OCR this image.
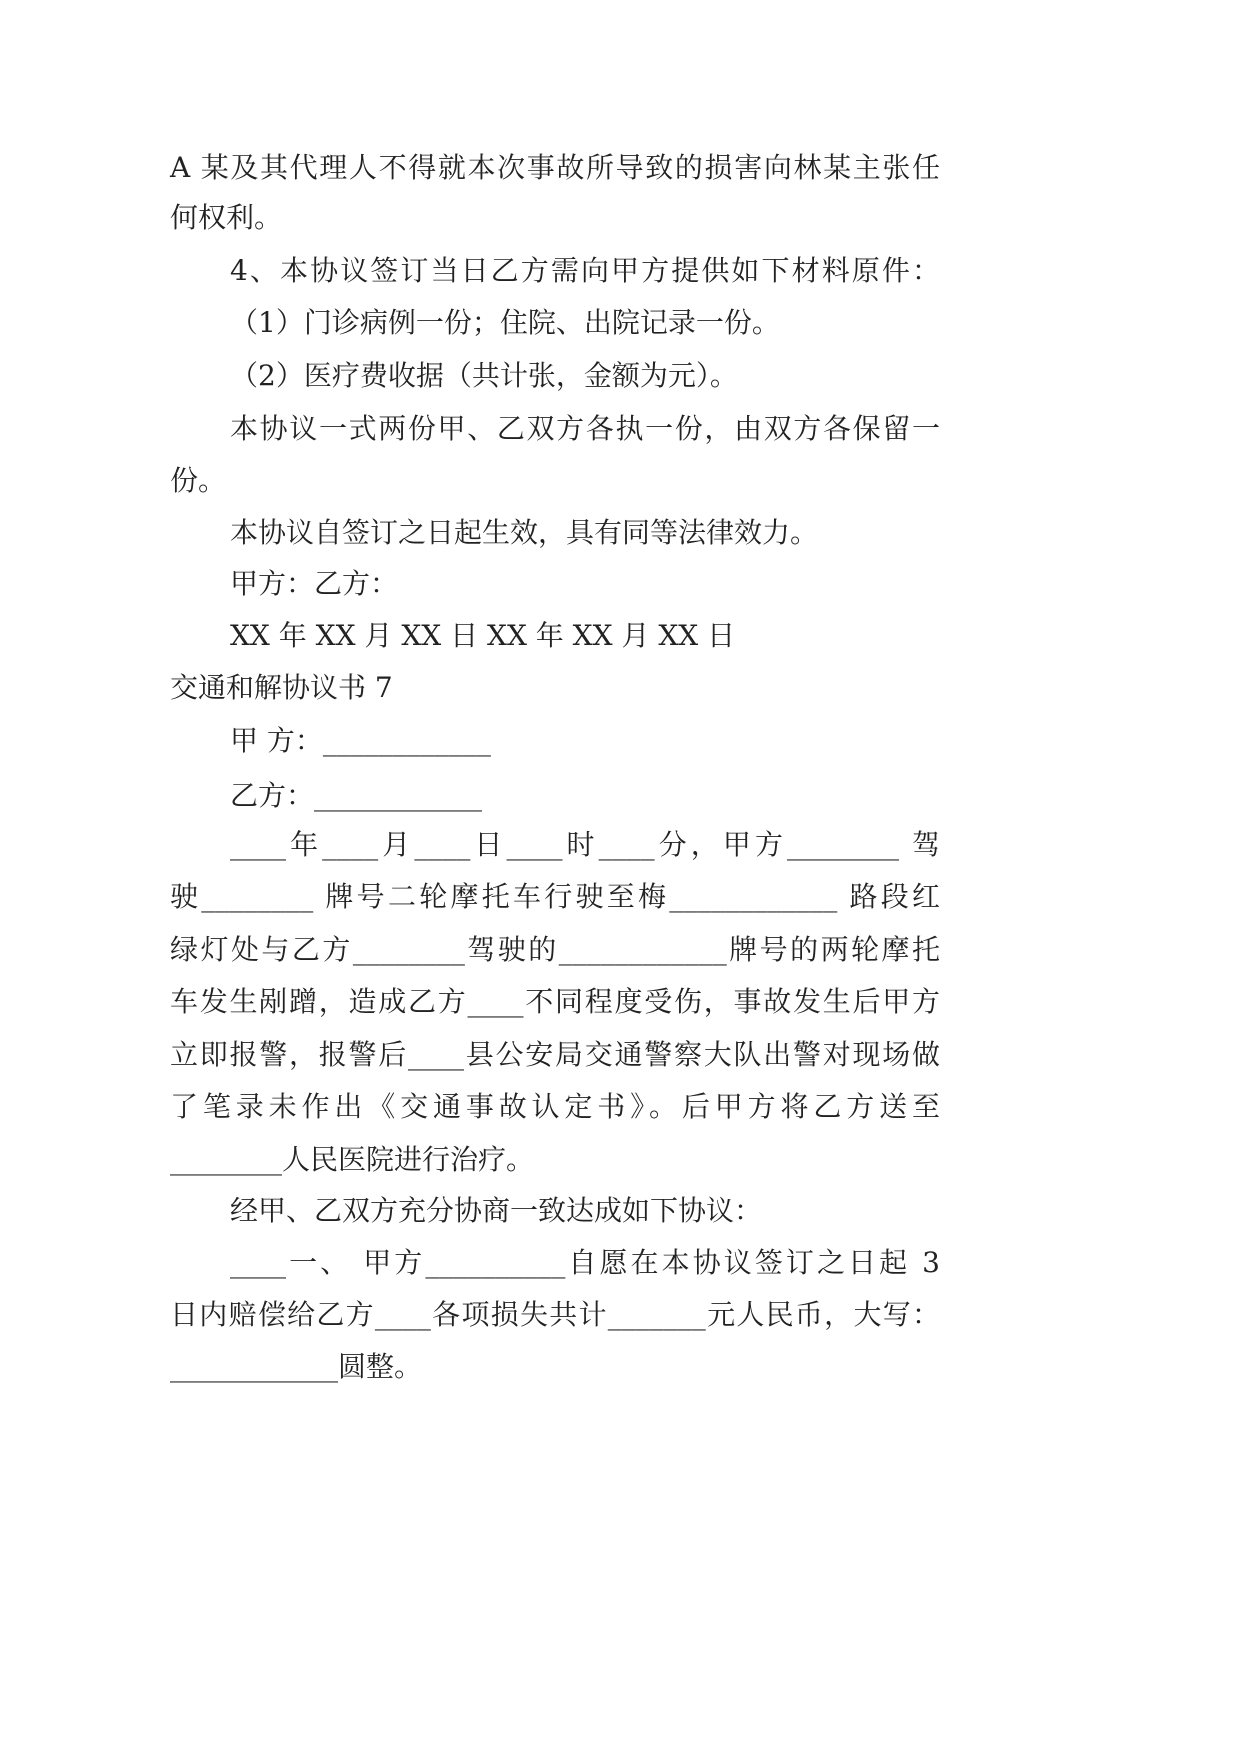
A 某及其代理人不得就本次事故所导致的损害向林某主张任
何权利。
4、本协议签订当日乙方需向甲方提供如下材料原件：
（1）门诊病例一份；住院、出院记录一份。
（2）医疗费收据（共计张，金额为元）。
本协议一式两份甲、乙双方各执一份，由双方各保留一
份。
本协议自签订之日起生效，具有同等法律效力。
甲方：乙方：
XX 年 XX 月 XX 日 XX 年 XX 月 XX 日
交通和解协议书 7
甲 方：____________
乙方：____________
____年____月____日____时____分，甲方________ 驾
驶________ 牌号二轮摩托车行驶至梅____________ 路段红
绿灯处与乙方________驾驶的____________牌号的两轮摩托
车发生剐蹭，造成乙方____不同程度受伤，事故发生后甲方
立即报警，报警后____县公安局交通警察大队出警对现场做
了笔录未作出《交通事故认定书》。后甲方将乙方送至
________人民医院进行治疗。
经甲、乙双方充分协商一致达成如下协议：
____一、 甲方__________自愿在本协议签订之日起 3
日内赔偿给乙方____各项损失共计_______元人民币，大写：
____________圆整。
